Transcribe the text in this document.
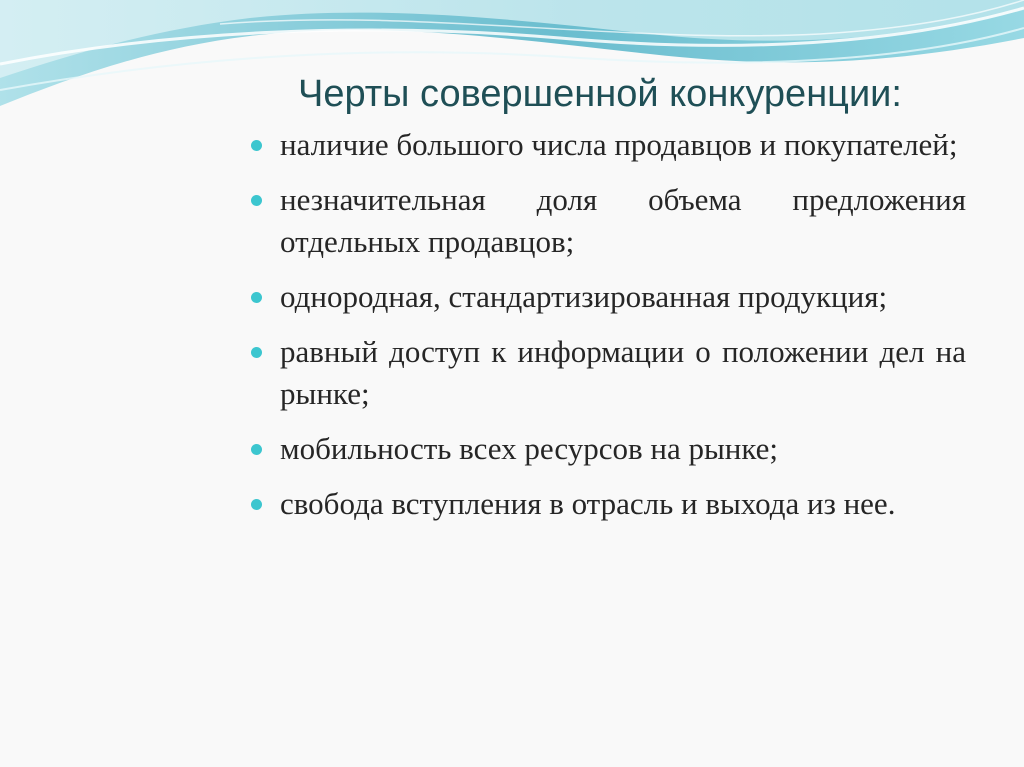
Черты совершенной конкуренции:
наличие большого числа продавцов и покупателей;
незначительная доля объема предложения отдельных продавцов;
однородная, стандартизированная продукция;
равный доступ к информации о положении дел на рынке;
мобильность всех ресурсов на рынке;
свобода вступления в отрасль и выхода из нее.
